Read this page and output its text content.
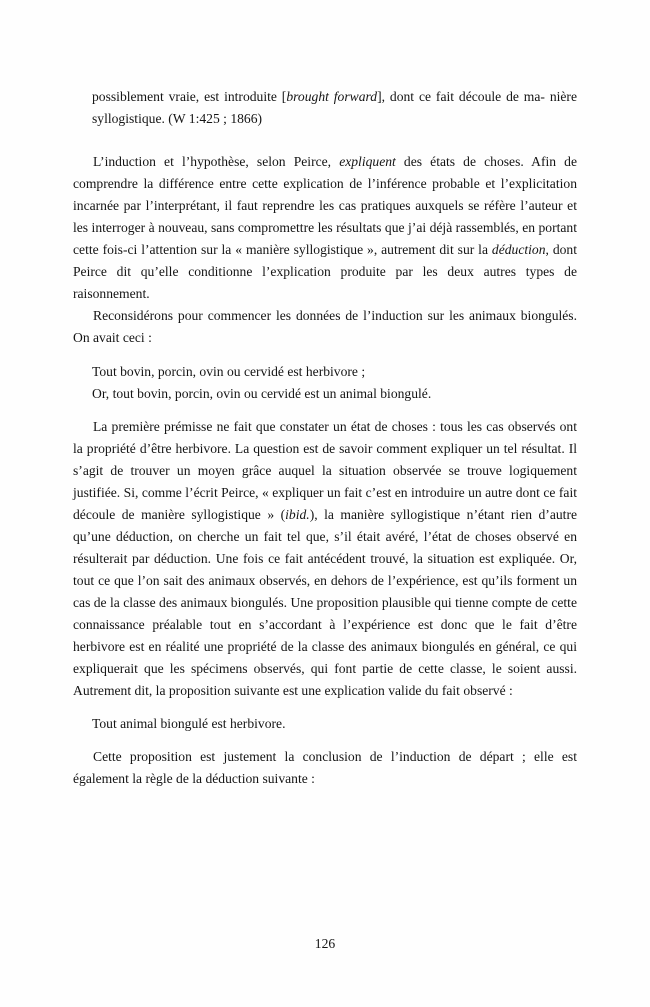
possiblement vraie, est introduite [brought forward], dont ce fait découle de ma- nière syllogistique. (W 1:425 ; 1866)

L’induction et l’hypothèse, selon Peirce, expliquent des états de choses. Afin de comprendre la différence entre cette explication de l’inférence probable et l’explicitation incarnée par l’interprétant, il faut reprendre les cas pratiques auxquels se réfère l’auteur et les interroger à nouveau, sans compromettre les résultats que j’ai déjà rassemblés, en portant cette fois-ci l’attention sur la « manière syllogistique », autrement dit sur la déduction, dont Peirce dit qu’elle conditionne l’explication produite par les deux autres types de raisonnement.

Reconsidérons pour commencer les données de l’induction sur les animaux biongulés. On avait ceci :

Tout bovin, porcin, ovin ou cervidé est herbivore ;

Or, tout bovin, porcin, ovin ou cervidé est un animal biongulé.

La première prémisse ne fait que constater un état de choses : tous les cas observés ont la propriété d’être herbivore. La question est de savoir comment expliquer un tel résultat. Il s’agit de trouver un moyen grâce auquel la situation observée se trouve logiquement justifiée. Si, comme l’écrit Peirce, « expliquer un fait c’est en introduire un autre dont ce fait découle de manière syllogistique » (ibid.), la manière syllogistique n’étant rien d’autre qu’une déduction, on cherche un fait tel que, s’il était avéré, l’état de choses observé en résulterait par déduction. Une fois ce fait antécédent trouvé, la situation est expliquée. Or, tout ce que l’on sait des animaux observés, en dehors de l’expérience, est qu’ils forment un cas de la classe des animaux biongulés. Une proposition plausible qui tienne compte de cette connaissance préalable tout en s’accordant à l’expérience est donc que le fait d’être herbivore est en réalité une propriété de la classe des animaux biongulés en général, ce qui expliquerait que les spécimens observés, qui font partie de cette classe, le soient aussi. Autrement dit, la proposition suivante est une explication valide du fait observé :

Tout animal biongulé est herbivore.

Cette proposition est justement la conclusion de l’induction de départ ; elle est également la règle de la déduction suivante :

126
